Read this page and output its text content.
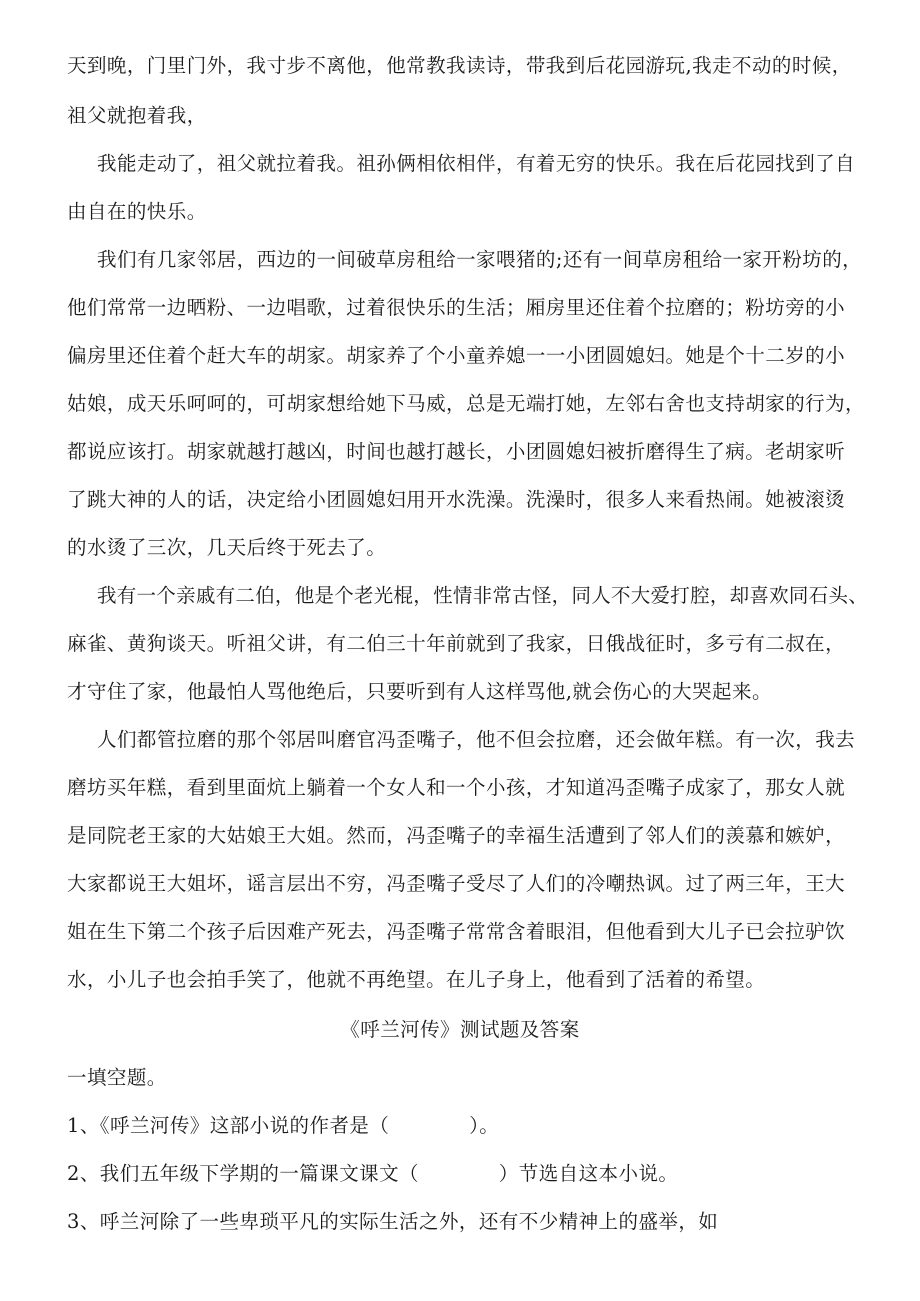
天到晚，门里门外，我寸步不离他，他常教我读诗，带我到后花园游玩,我走不动的时候，
祖父就抱着我，
我能走动了，祖父就拉着我。祖孙俩相依相伴，有着无穷的快乐。我在后花园找到了自
由自在的快乐。
我们有几家邻居，西边的一间破草房租给一家喂猪的;还有一间草房租给一家开粉坊的，
他们常常一边晒粉、一边唱歌，过着很快乐的生活；厢房里还住着个拉磨的；粉坊旁的小
偏房里还住着个赶大车的胡家。胡家养了个小童养媳一一小团圆媳妇。她是个十二岁的小
姑娘，成天乐呵呵的，可胡家想给她下马威，总是无端打她，左邻右舍也支持胡家的行为，
都说应该打。胡家就越打越凶，时间也越打越长，小团圆媳妇被折磨得生了病。老胡家听
了跳大神的人的话，决定给小团圆媳妇用开水洗澡。洗澡时，很多人来看热闹。她被滚烫
的水烫了三次，几天后终于死去了。
我有一个亲戚有二伯，他是个老光棍，性情非常古怪，同人不大爱打腔，却喜欢同石头、
麻雀、黄狗谈天。听祖父讲，有二伯三十年前就到了我家，日俄战征时，多亏有二叔在，
才守住了家，他最怕人骂他绝后，只要听到有人这样骂他,就会伤心的大哭起来。
人们都管拉磨的那个邻居叫磨官冯歪嘴子，他不但会拉磨，还会做年糕。有一次，我去
磨坊买年糕，看到里面炕上躺着一个女人和一个小孩，才知道冯歪嘴子成家了，那女人就
是同院老王家的大姑娘王大姐。然而，冯歪嘴子的幸福生活遭到了邻人们的羡慕和嫉妒，
大家都说王大姐坏，谣言层出不穷，冯歪嘴子受尽了人们的冷嘲热讽。过了两三年，王大
姐在生下第二个孩子后因难产死去，冯歪嘴子常常含着眼泪，但他看到大儿子已会拉驴饮
水，小儿子也会拍手笑了，他就不再绝望。在儿子身上，他看到了活着的希望。
《呼兰河传》测试题及答案
一填空题。
1、《呼兰河传》这部小说的作者是（　　　　）。
2、我们五年级下学期的一篇课文课文（　　　　）节选自这本小说。
3、呼兰河除了一些卑琐平凡的实际生活之外，还有不少精神上的盛举，如
